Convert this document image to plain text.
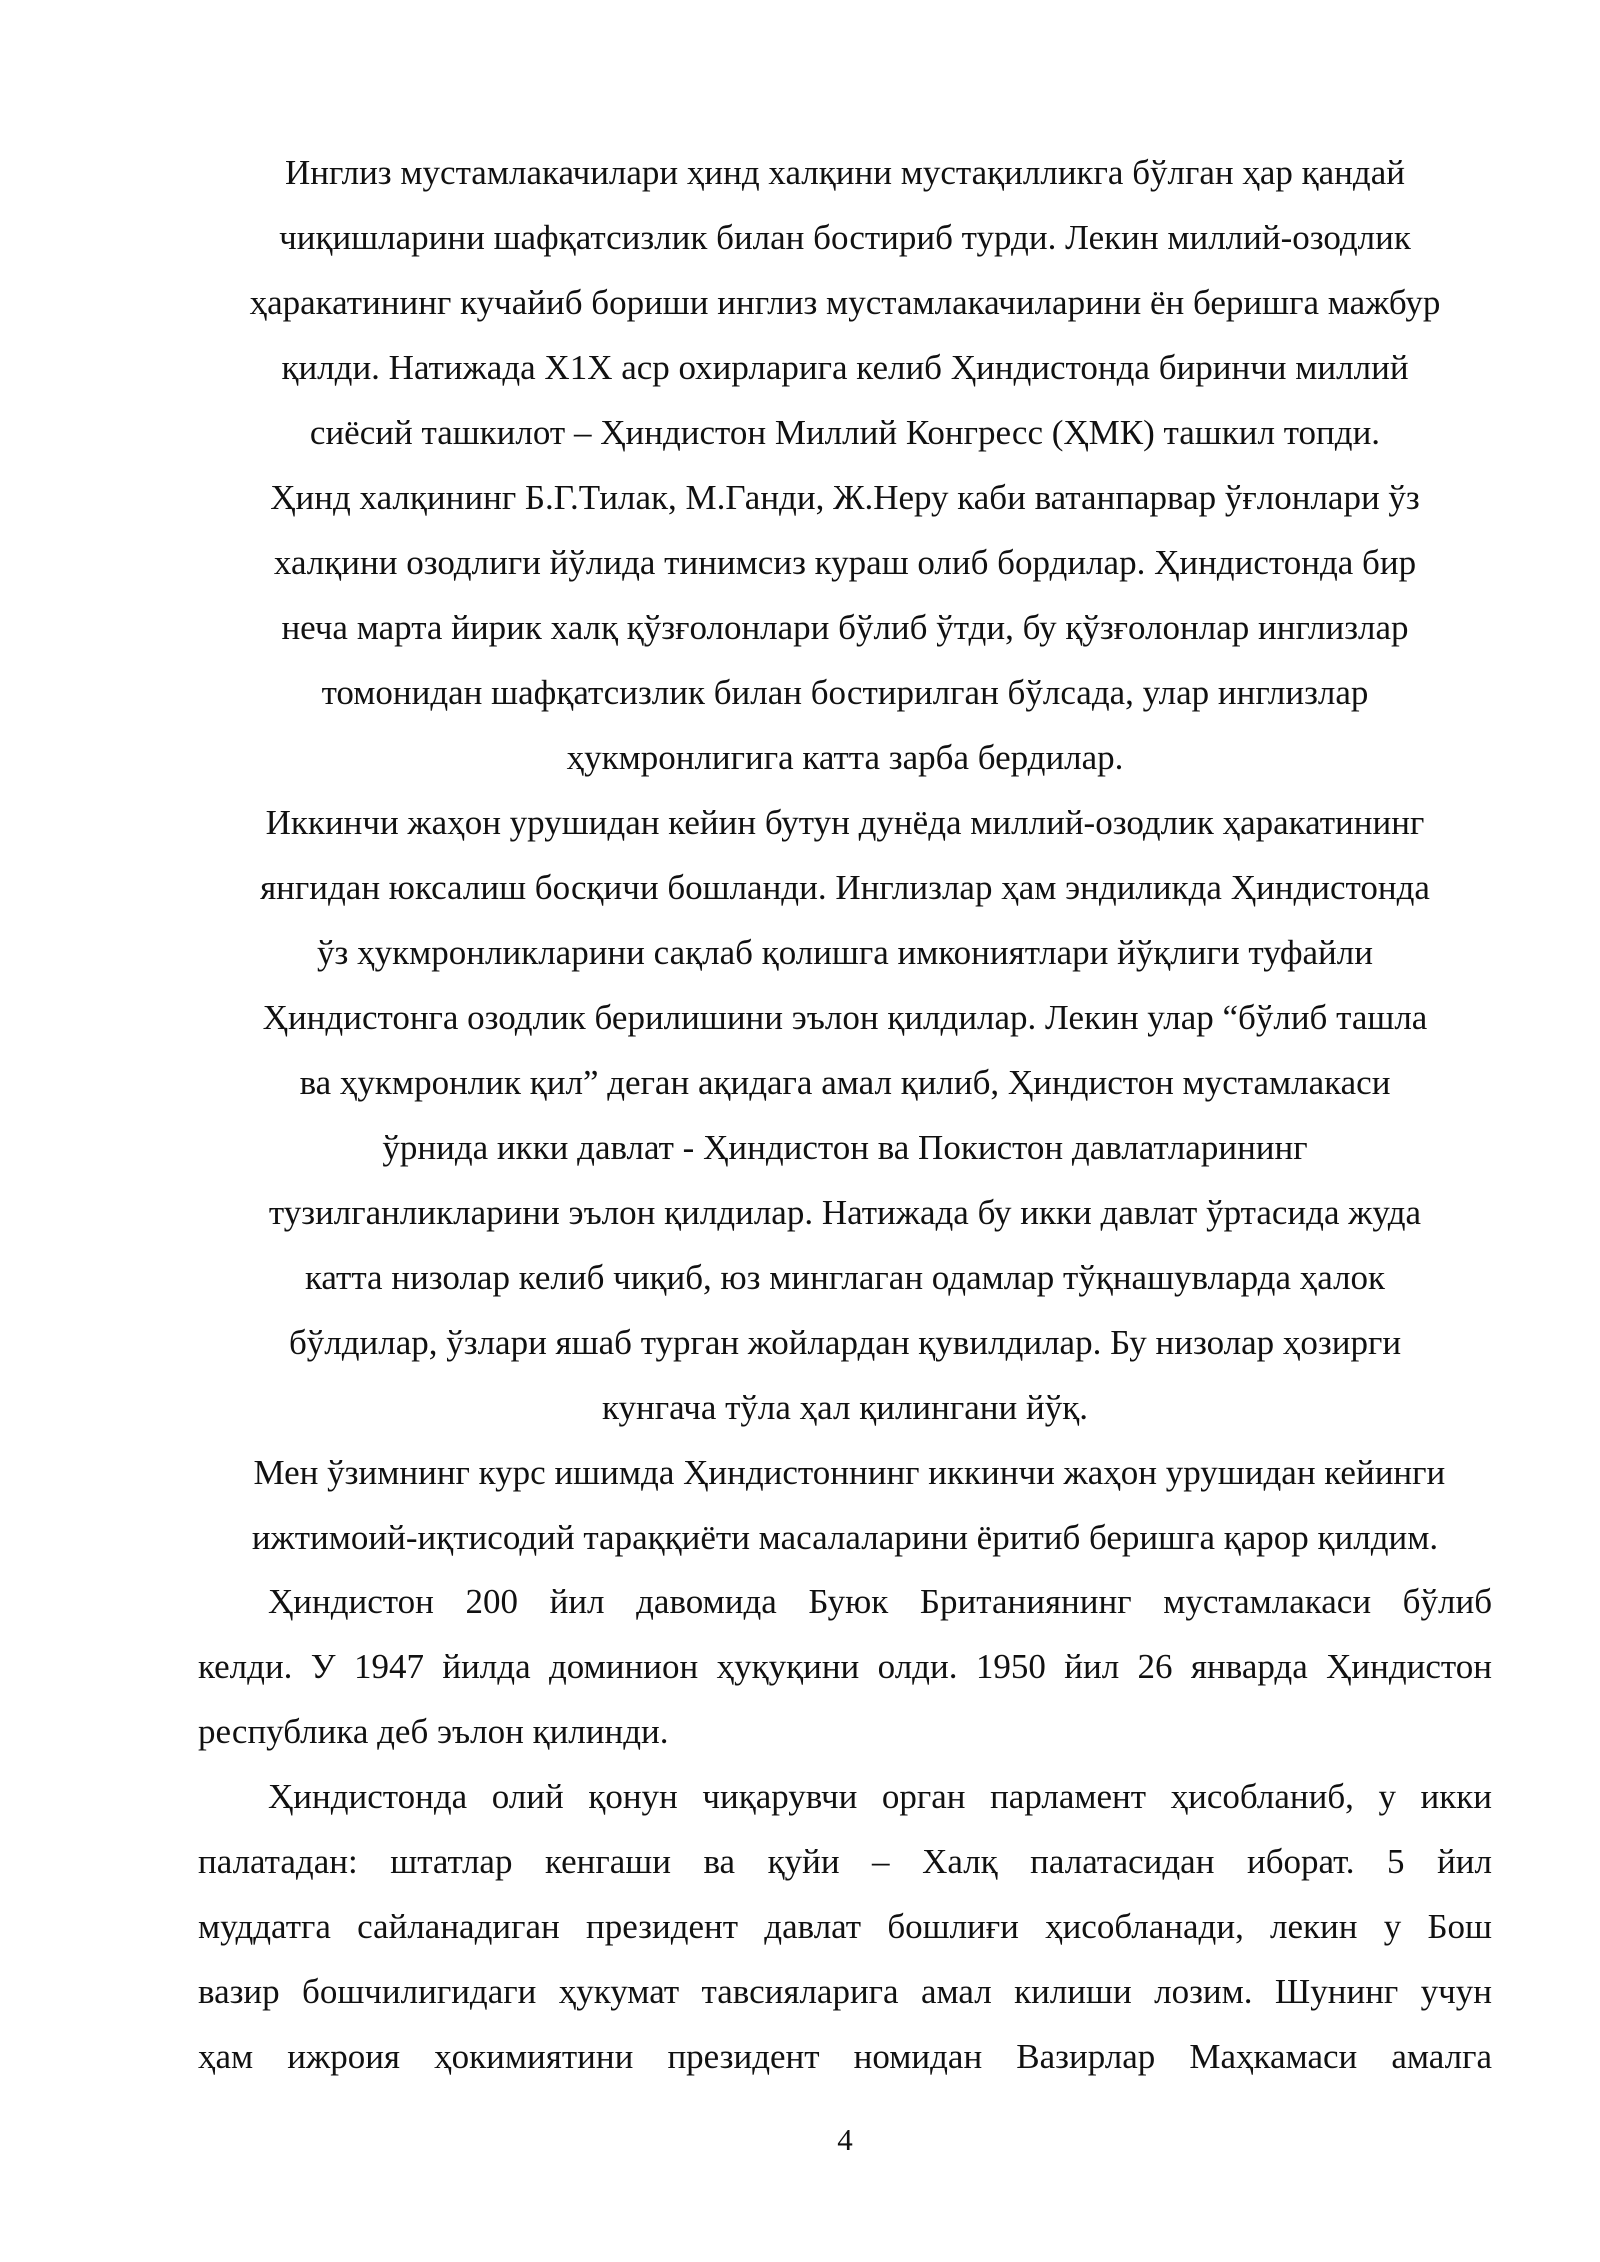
Инглиз мустамлакачилари ҳинд халқини мустақилликга бўлган ҳар қандай
чиқишларини шафқатсизлик билан бостириб турди. Лекин миллий-озодлик
ҳаракатининг кучайиб бориши инглиз мустамлакачиларини ён беришга мажбур
қилди. Натижада X1X аср охирларига келиб Ҳиндистонда биринчи миллий
сиёсий ташкилот – Ҳиндистон Миллий Конгресс (ҲМК) ташкил топди.
Ҳинд халқининг Б.Г.Тилак, М.Ганди, Ж.Неру каби ватанпарвар ўғлонлари ўз
халқини озодлиги йўлида тинимсиз кураш олиб бордилар. Ҳиндистонда бир
неча марта йирик халқ қўзғолонлари бўлиб ўтди, бу қўзғолонлар инглизлар
томонидан шафқатсизлик билан бостирилган бўлсада, улар инглизлар
ҳукмронлигига катта зарба бердилар.
Иккинчи жаҳон урушидан кейин бутун дунёда миллий-озодлик ҳаракатининг
янгидан юксалиш босқичи бошланди. Инглизлар ҳам эндиликда Ҳиндистонда
ўз ҳукмронликларини сақлаб қолишга имкониятлари йўқлиги туфайли
Ҳиндистонга озодлик берилишини эълон қилдилар. Лекин улар “бўлиб ташла
ва ҳукмронлик қил” деган ақидага амал қилиб, Ҳиндистон мустамлакаси
ўрнида икки давлат - Ҳиндистон ва Покистон давлатларининг
тузилганликларини эълон қилдилар. Натижада бу икки давлат ўртасида жуда
катта низолар келиб чиқиб, юз минглаган одамлар тўқнашувларда ҳалок
бўлдилар, ўзлари яшаб турган жойлардан қувилдилар. Бу низолар ҳозирги
кунгача тўла ҳал қилингани йўқ.
Мен ўзимнинг курс ишимда Ҳиндистоннинг иккинчи жаҳон урушидан кейинги
ижтимоий-иқтисодий тараққиёти масалаларини ёритиб беришга қарор қилдим.
Ҳиндистон 200 йил давомида Буюк Британиянинг мустамлакаси бўлиб
келди. У 1947 йилда доминион ҳуқуқини олди. 1950 йил 26 январда Ҳиндистон
республика деб эълон қилинди.
Ҳиндистонда олий қонун чиқарувчи орган парламент ҳисобланиб, у икки
палатадан: штатлар кенгаши ва қуйи – Халқ палатасидан иборат. 5 йил
муддатга сайланадиган президент давлат бошлиғи ҳисобланади, лекин у Бош
вазир бошчилигидаги ҳукумат тавсияларига амал килиши лозим. Шунинг учун
ҳам ижроия ҳокимиятини президент номидан Вазирлар Маҳкамаси амалга
4
